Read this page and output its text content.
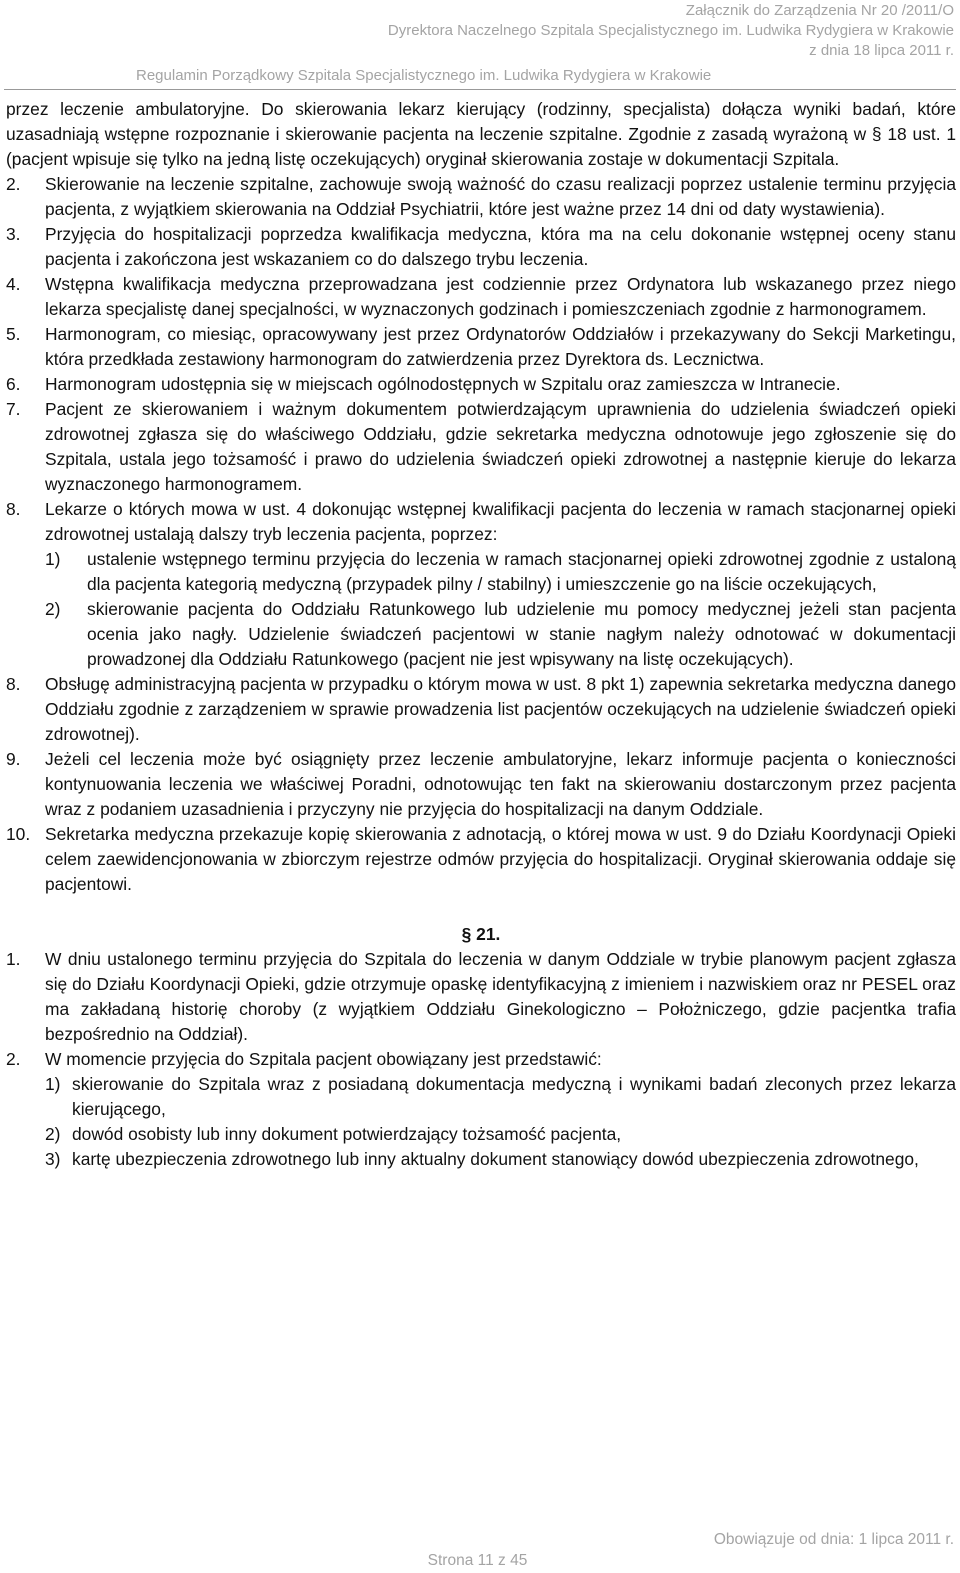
Załącznik do Zarządzenia Nr 20 /2011/O
Dyrektora Naczelnego Szpitala Specjalistycznego im. Ludwika Rydygiera w Krakowie
z dnia 18 lipca 2011 r.
Regulamin Porządkowy Szpitala Specjalistycznego im. Ludwika Rydygiera w Krakowie
przez leczenie ambulatoryjne. Do skierowania lekarz kierujący (rodzinny, specjalista) dołącza wyniki badań, które uzasadniają wstępne rozpoznanie i skierowanie pacjenta na leczenie szpitalne. Zgodnie z zasadą wyrażoną w § 18 ust. 1 (pacjent wpisuje się tylko na jedną listę oczekujących) oryginał skierowania zostaje w dokumentacji Szpitala.
2.	Skierowanie na leczenie szpitalne, zachowuje swoją ważność do czasu realizacji poprzez ustalenie terminu przyjęcia pacjenta, z wyjątkiem skierowania na Oddział Psychiatrii, które jest ważne przez 14 dni od daty wystawienia).
3.	Przyjęcia do hospitalizacji poprzedza kwalifikacja medyczna, która ma na celu dokonanie wstępnej oceny stanu pacjenta i zakończona jest wskazaniem co do dalszego trybu leczenia.
4.	Wstępna kwalifikacja medyczna przeprowadzana jest codziennie przez Ordynatora lub wskazanego przez niego lekarza specjalistę danej specjalności, w wyznaczonych godzinach i pomieszczeniach zgodnie z harmonogramem.
5.	Harmonogram, co miesiąc, opracowywany jest przez Ordynatorów Oddziałów i przekazywany do Sekcji Marketingu, która przedkłada zestawiony harmonogram do zatwierdzenia przez Dyrektora ds. Lecznictwa.
6.	Harmonogram udostępnia się w miejscach ogólnodostępnych w Szpitalu oraz zamieszcza w Intranecie.
7.	Pacjent ze skierowaniem i ważnym dokumentem potwierdzającym uprawnienia do udzielenia świadczeń opieki zdrowotnej zgłasza się do właściwego Oddziału, gdzie sekretarka medyczna odnotowuje jego zgłoszenie się do Szpitala, ustala jego tożsamość i prawo do udzielenia świadczeń opieki zdrowotnej a następnie kieruje do lekarza wyznaczonego harmonogramem.
8.	Lekarze o których mowa w ust. 4 dokonując wstępnej kwalifikacji pacjenta do leczenia w ramach stacjonarnej opieki zdrowotnej ustalają dalszy tryb leczenia pacjenta, poprzez:
1)	ustalenie wstępnego terminu przyjęcia do leczenia w ramach stacjonarnej opieki zdrowotnej zgodnie z ustaloną dla pacjenta kategorią medyczną (przypadek pilny / stabilny) i umieszczenie go na liście oczekujących,
2)	skierowanie pacjenta do Oddziału Ratunkowego lub udzielenie mu pomocy medycznej jeżeli stan pacjenta ocenia jako nagły. Udzielenie świadczeń pacjentowi w stanie nagłym należy odnotować w dokumentacji prowadzonej dla Oddziału Ratunkowego (pacjent nie jest wpisywany na listę oczekujących).
8.	Obsługę administracyjną pacjenta w przypadku o którym mowa w ust. 8 pkt 1) zapewnia sekretarka medyczna danego Oddziału zgodnie z zarządzeniem w sprawie prowadzenia list pacjentów oczekujących na udzielenie świadczeń opieki zdrowotnej).
9.	Jeżeli cel leczenia może być osiągnięty przez leczenie ambulatoryjne, lekarz informuje pacjenta o konieczności kontynuowania leczenia we właściwej Poradni, odnotowując ten fakt na skierowaniu dostarczonym przez pacjenta wraz z podaniem uzasadnienia i przyczyny nie przyjęcia do hospitalizacji na danym Oddziale.
10. Sekretarka medyczna przekazuje kopię skierowania z adnotacją, o której mowa w ust. 9 do Działu Koordynacji Opieki celem zaewidencjonowania w zbiorczym rejestrze odmów przyjęcia do hospitalizacji. Oryginał skierowania oddaje się pacjentowi.
§ 21.
1.	W dniu ustalonego terminu przyjęcia do Szpitala do leczenia w danym Oddziale w trybie planowym pacjent zgłasza się do Działu Koordynacji Opieki, gdzie otrzymuje opaskę identyfikacyjną z imieniem i nazwiskiem oraz nr PESEL oraz ma zakładaną historię choroby (z wyjątkiem Oddziału Ginekologiczno – Położniczego, gdzie pacjentka trafia bezpośrednio na Oddział).
2.	W momencie przyjęcia do Szpitala pacjent obowiązany jest przedstawić:
1) skierowanie do Szpitala wraz z posiadaną dokumentacja medyczną i wynikami badań zleconych przez lekarza kierującego,
2) dowód osobisty lub inny dokument potwierdzający tożsamość pacjenta,
3) kartę ubezpieczenia zdrowotnego lub inny aktualny dokument stanowiący dowód ubezpieczenia zdrowotnego,
Obowiązuje od dnia: 1 lipca 2011 r.
Strona 11 z 45
